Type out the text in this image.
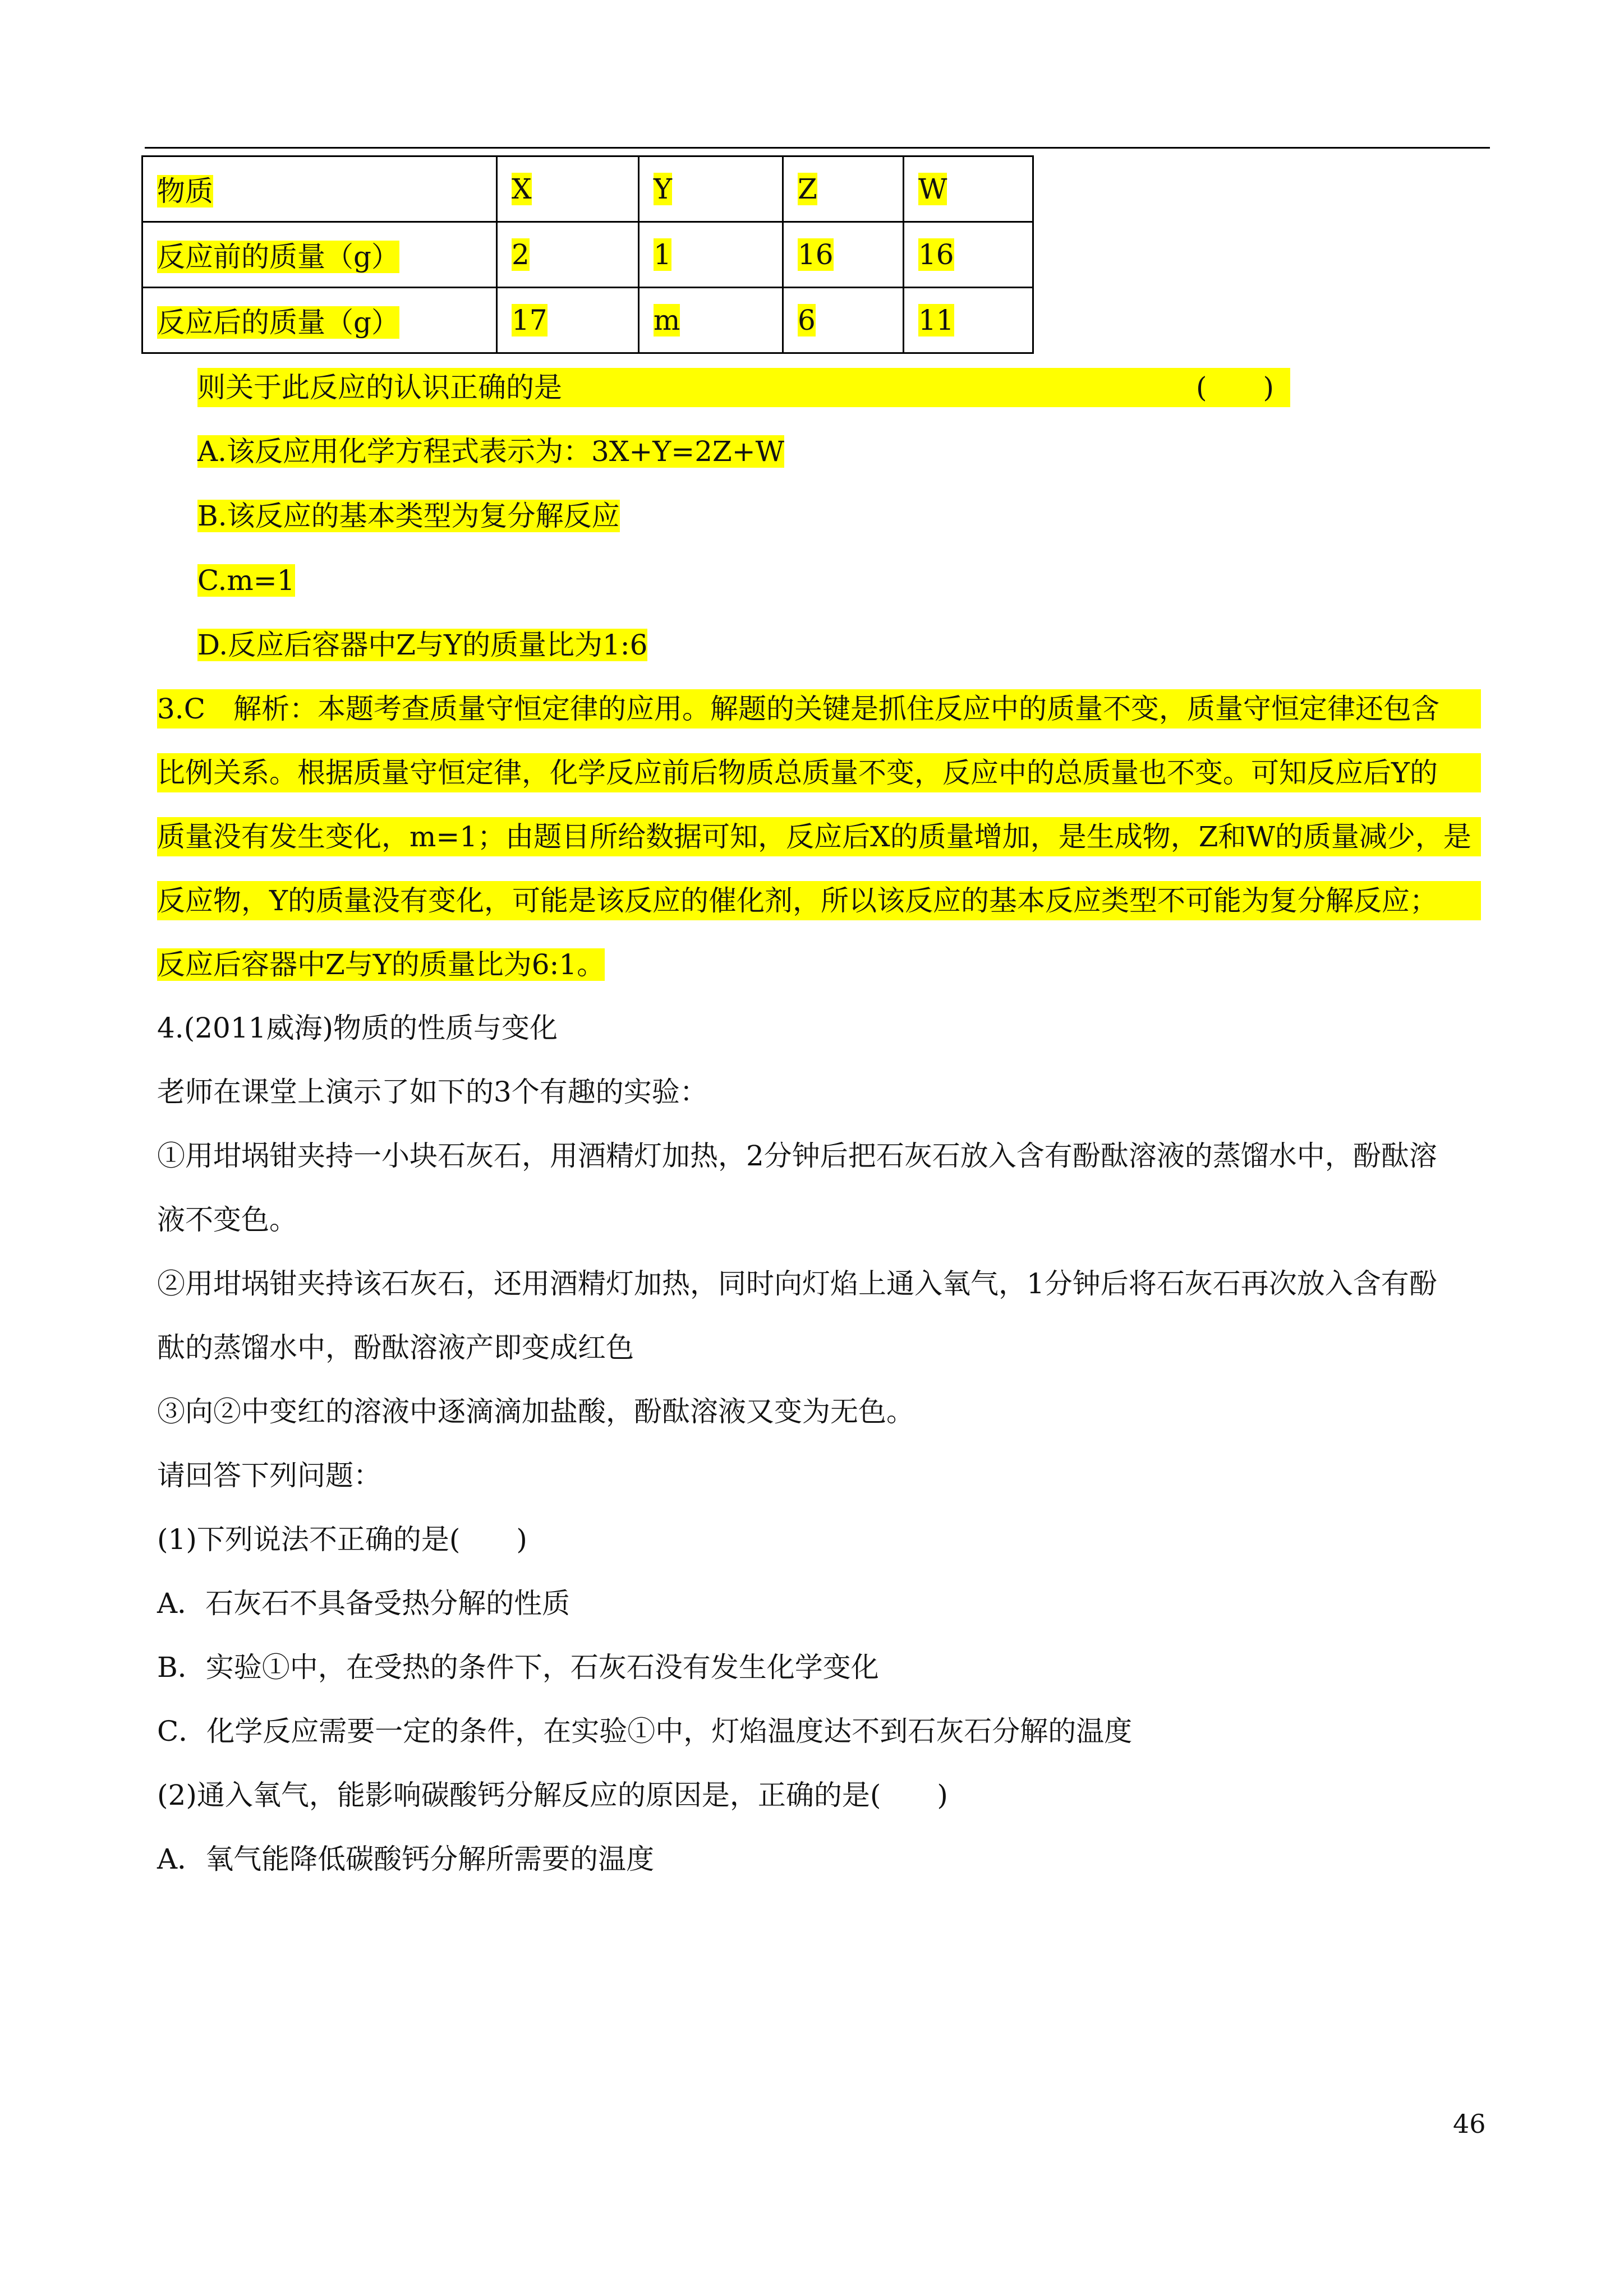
物质	X	Y	Z	W
反应前的质量（g）	2	1	16	16
反应后的质量（g）	17	m	6	11
则关于此反应的认识正确的是	(　　)
A.该反应用化学方程式表示为：3X+Y=2Z+W
B.该反应的基本类型为复分解反应
C.m=1
D.反应后容器中Z与Y的质量比为1:6
3.C　解析：本题考查质量守恒定律的应用。解题的关键是抓住反应中的质量不变，质量守恒定律还包含
比例关系。根据质量守恒定律，化学反应前后物质总质量不变，反应中的总质量也不变。可知反应后Y的
质量没有发生变化，m=1；由题目所给数据可知，反应后X的质量增加，是生成物，Z和W的质量减少，是
反应物，Y的质量没有变化，可能是该反应的催化剂，所以该反应的基本反应类型不可能为复分解反应；
反应后容器中Z与Y的质量比为6:1。
4.(2011威海)物质的性质与变化
老师在课堂上演示了如下的3个有趣的实验：
①用坩埚钳夹持一小块石灰石，用酒精灯加热，2分钟后把石灰石放入含有酚酞溶液的蒸馏水中，酚酞溶
液不变色。
②用坩埚钳夹持该石灰石，还用酒精灯加热，同时向灯焰上通入氧气，1分钟后将石灰石再次放入含有酚
酞的蒸馏水中，酚酞溶液产即变成红色
③向②中变红的溶液中逐滴滴加盐酸，酚酞溶液又变为无色。
请回答下列问题：
(1)下列说法不正确的是(　　)
A．石灰石不具备受热分解的性质
B．实验①中，在受热的条件下，石灰石没有发生化学变化
C．化学反应需要一定的条件，在实验①中，灯焰温度达不到石灰石分解的温度
(2)通入氧气，能影响碳酸钙分解反应的原因是，正确的是(　　)
A．氧气能降低碳酸钙分解所需要的温度
46
